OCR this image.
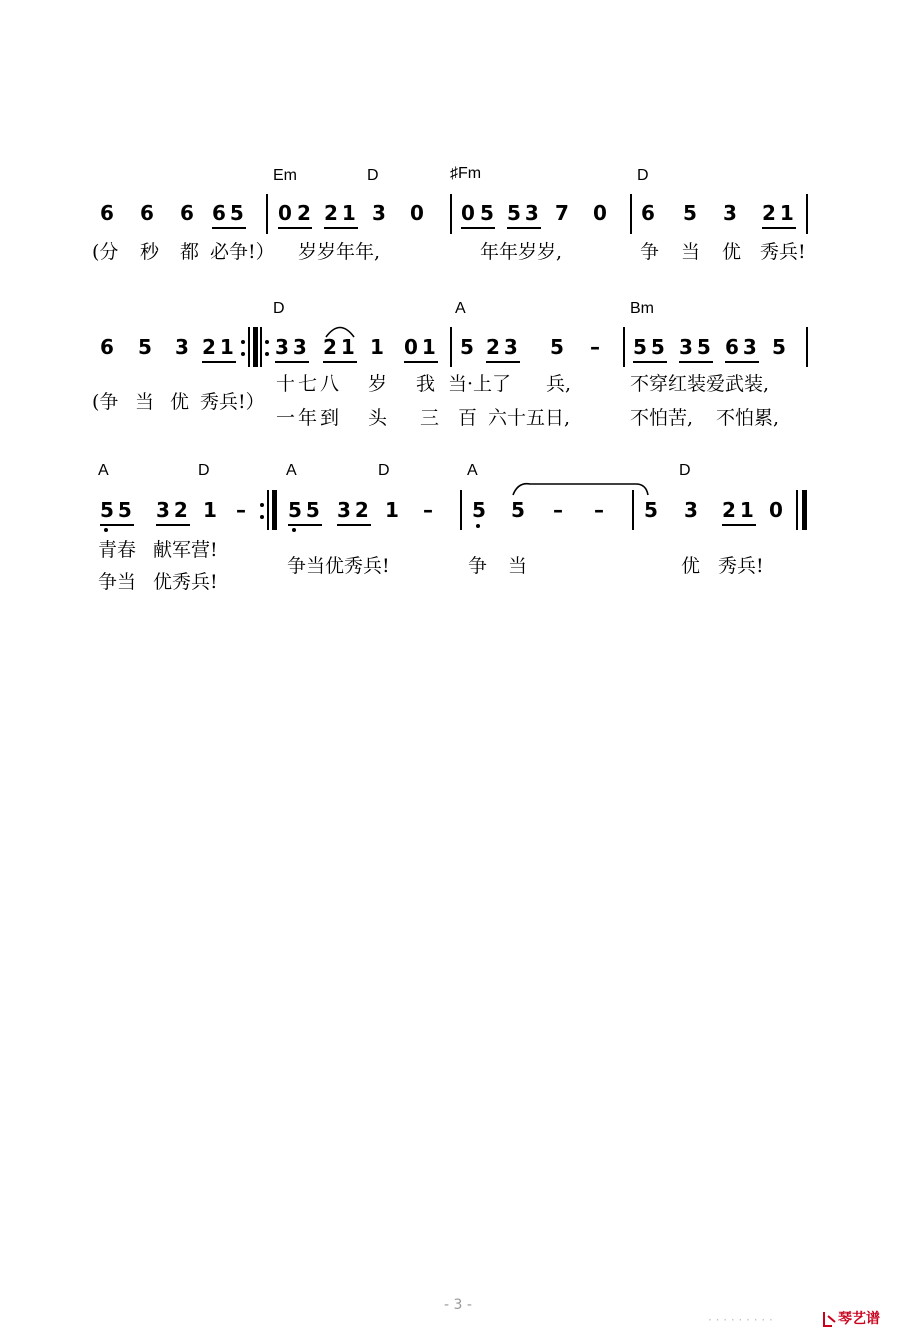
Em	D	♯Fm	D
6 6 6 65 0 2 21 3 0 0 5 53 7 0 6 5 3 21
(分 秒 都 必争!） 岁岁年年,	年年岁岁,	争 当 优 秀兵!
D	A	Bm
6 5 3 21 33 21 1 01 5 23 5 – 55 35 63 5
(争 当 优 秀兵!）
十七八 岁 我 当·上了 兵,	不穿红装爱武装,
一年到 头 三 百 六十五日,	不怕苦, 不怕累,
A	D	A	D	A	D
55 32 1 – 55 32 1 – 5 5 – – 5 3 21 0
青春 献军营!
争当 优秀兵!
争当优秀兵!	争 当	优 秀兵!
- 3 -
· · · · · · · · ·	琴艺谱
